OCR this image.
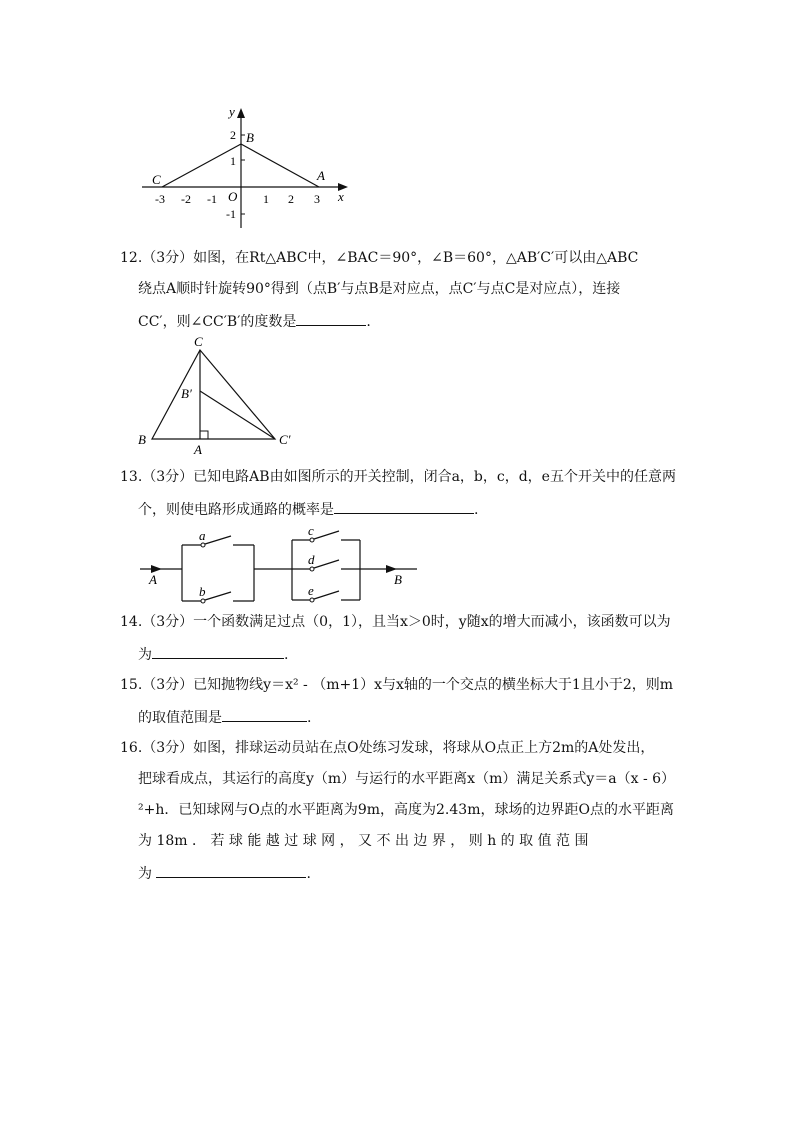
y
x
B
A
C
O
2
1
-1
-3 -2 -1	1 2 3
12.（3分）如图，在Rt△ABC中，∠BAC＝90°，∠B＝60°，△AB′C′可以由△ABC
绕点A顺时针旋转90°得到（点B′与点B是对应点，点C′与点C是对应点），连接
CC′，则∠CC′B′的度数是	.
C
B′
B
A
C′
13.（3分）已知电路AB由如图所示的开关控制，闭合a，b，c，d，e五个开关中的任意两
个，则使电路形成通路的概率是	.
a
b
c
d
e
A	B
14.（3分）一个函数满足过点（0，1），且当x＞0时，y随x的增大而减小，该函数可以为
为	.
15.（3分）已知抛物线y＝x² - （m+1）x与x轴的一个交点的横坐标大于1且小于2，则m
的取值范围是	.
16.（3分）如图，排球运动员站在点O处练习发球，将球从O点正上方2m的A处发出，
把球看成点，其运行的高度y（m）与运行的水平距离x（m）满足关系式y＝a（x - 6）
²+h．已知球网与O点的水平距离为9m，高度为2.43m，球场的边界距O点的水平距离
为 18m ． 若 球 能 越 过 球 网 ， 又 不 出 边 界 ， 则 h 的 取 值 范 围
为	.
